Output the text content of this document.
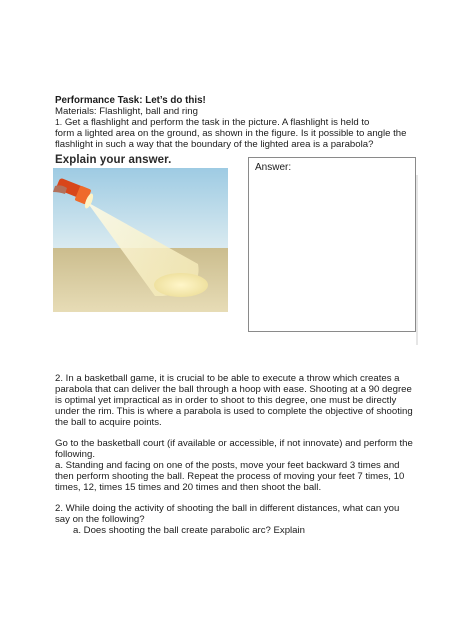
Performance Task: Let’s do this!
Materials: Flashlight, ball and ring
1. Get a flashlight and perform the task in the picture. A flashlight is held to
form a lighted area on the ground, as shown in the figure. Is it possible to angle the
flashlight in such a way that the boundary of the lighted area is a parabola?
Explain your answer.
Answer:
2. In a basketball game, it is crucial to be able to execute a throw which creates a
parabola that can deliver the ball through a hoop with ease. Shooting at a 90 degree
is optimal yet impractical as in order to shoot to this degree, one must be directly
under the rim. This is where a parabola is used to complete the objective of shooting
the ball to acquire points.
Go to the basketball court (if available or accessible, if not innovate) and perform the
following.
a. Standing and facing on one of the posts, move your feet backward 3 times and
then perform shooting the ball. Repeat the process of moving your feet 7 times, 10
times, 12, times 15 times and 20 times and then shoot the ball.
2. While doing the activity of shooting the ball in different distances, what can you
say on the following?
a. Does shooting the ball create parabolic arc? Explain
